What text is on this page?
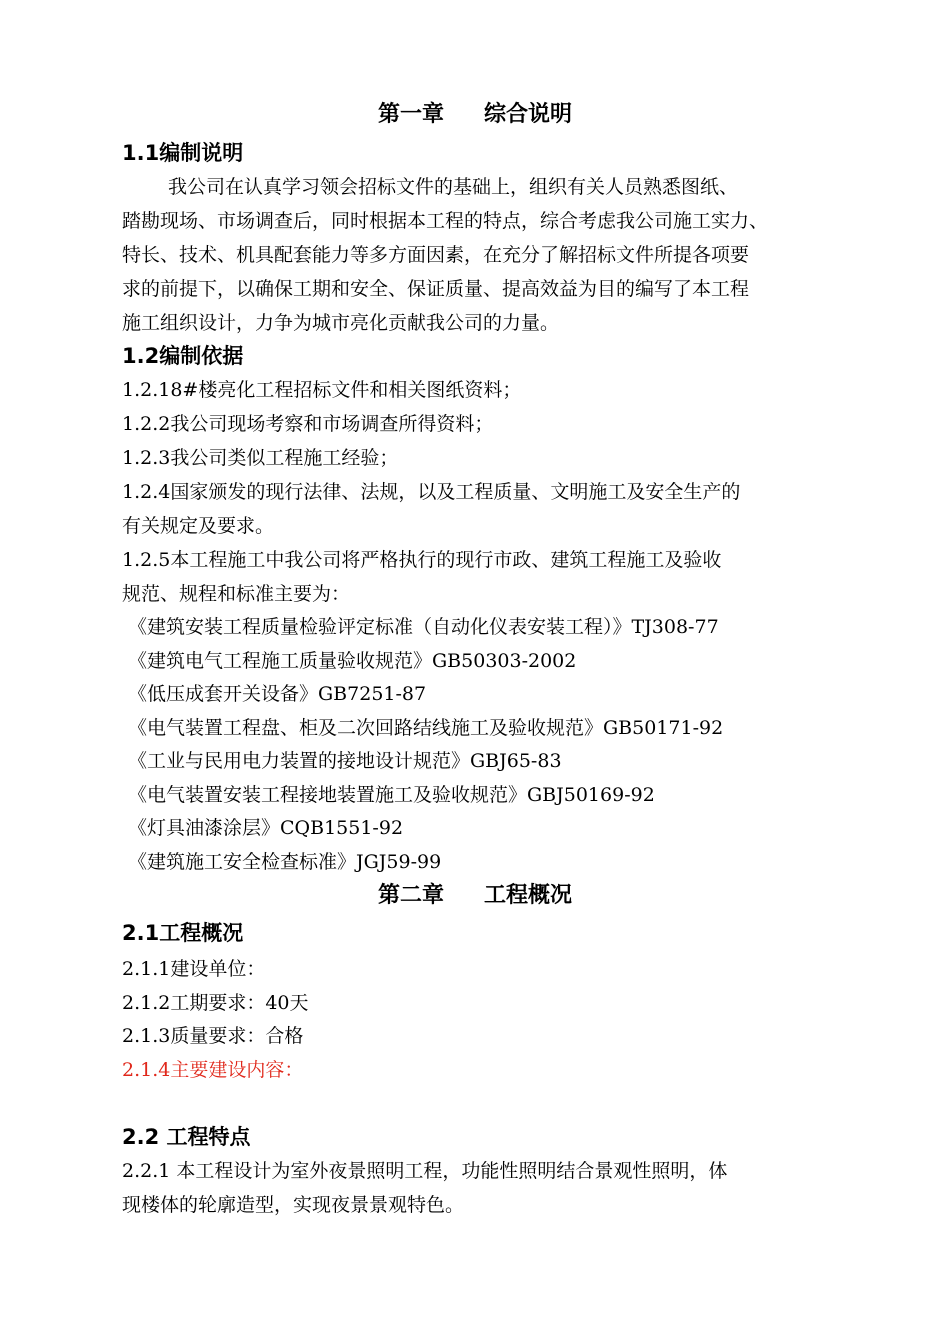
第一章 综合说明
1.1编制说明
我公司在认真学习领会招标文件的基础上，组织有关人员熟悉图纸、
踏勘现场、市场调查后，同时根据本工程的特点，综合考虑我公司施工实力、
特长、技术、机具配套能力等多方面因素，在充分了解招标文件所提各项要
求的前提下，以确保工期和安全、保证质量、提高效益为目的编写了本工程
施工组织设计，力争为城市亮化贡献我公司的力量。
1.2编制依据
1.2.18#楼亮化工程招标文件和相关图纸资料；
1.2.2我公司现场考察和市场调查所得资料；
1.2.3我公司类似工程施工经验；
1.2.4国家颁发的现行法律、法规，以及工程质量、文明施工及安全生产的
有关规定及要求。
1.2.5本工程施工中我公司将严格执行的现行市政、建筑工程施工及验收
规范、规程和标准主要为：
《建筑安装工程质量检验评定标准（自动化仪表安装工程）》TJ308-77
《建筑电气工程施工质量验收规范》GB50303-2002
《低压成套开关设备》GB7251-87
《电气装置工程盘、柜及二次回路结线施工及验收规范》GB50171-92
《工业与民用电力装置的接地设计规范》GBJ65-83
《电气装置安装工程接地装置施工及验收规范》GBJ50169-92
《灯具油漆涂层》CQB1551-92
《建筑施工安全检查标准》JGJ59-99
第二章 工程概况
2.1工程概况
2.1.1建设单位：
2.1.2工期要求：40天
2.1.3质量要求：合格
2.1.4主要建设内容：
2.2 工程特点
2.2.1 本工程设计为室外夜景照明工程，功能性照明结合景观性照明，体
现楼体的轮廓造型，实现夜景景观特色。
